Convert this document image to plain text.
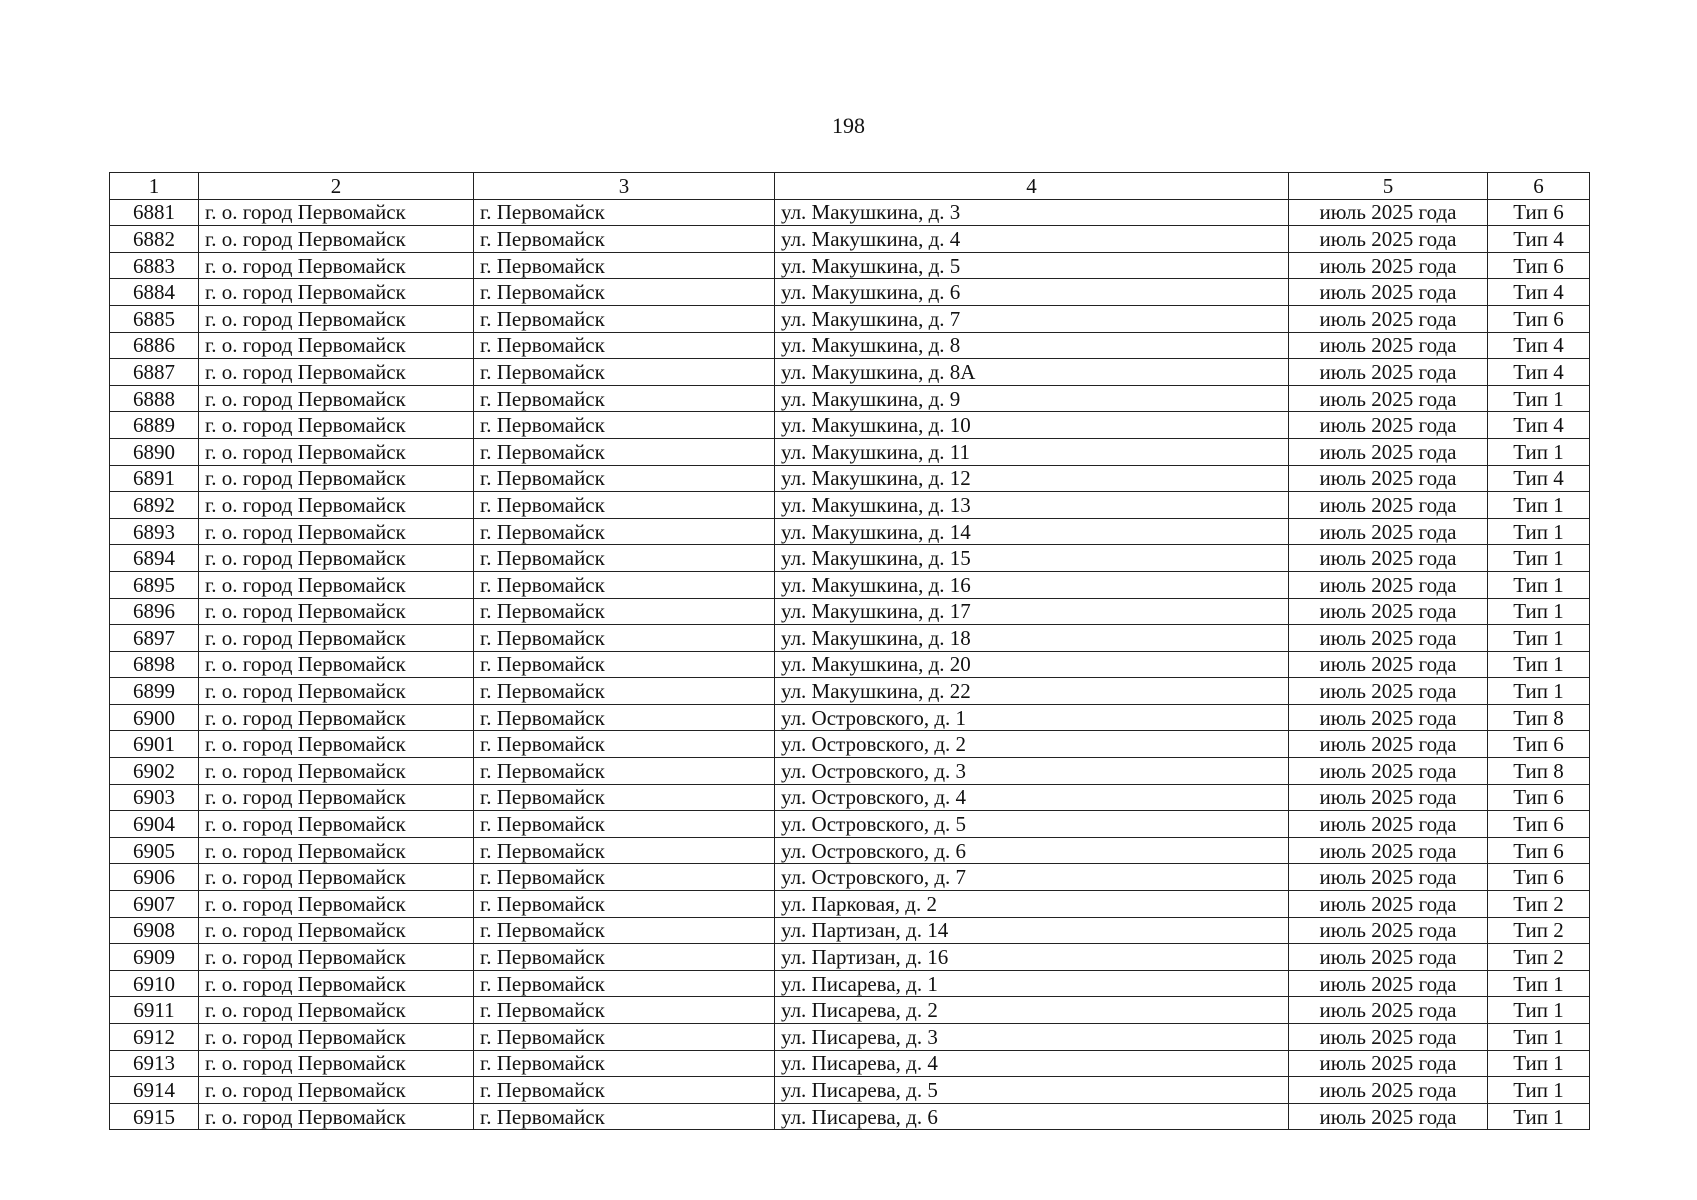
198
1	2	3	4	5	6
6881	г. о. город Первомайск	г. Первомайск	ул. Макушкина, д. 3	июль 2025 года	Тип 6
6882	г. о. город Первомайск	г. Первомайск	ул. Макушкина, д. 4	июль 2025 года	Тип 4
6883	г. о. город Первомайск	г. Первомайск	ул. Макушкина, д. 5	июль 2025 года	Тип 6
6884	г. о. город Первомайск	г. Первомайск	ул. Макушкина, д. 6	июль 2025 года	Тип 4
6885	г. о. город Первомайск	г. Первомайск	ул. Макушкина, д. 7	июль 2025 года	Тип 6
6886	г. о. город Первомайск	г. Первомайск	ул. Макушкина, д. 8	июль 2025 года	Тип 4
6887	г. о. город Первомайск	г. Первомайск	ул. Макушкина, д. 8А	июль 2025 года	Тип 4
6888	г. о. город Первомайск	г. Первомайск	ул. Макушкина, д. 9	июль 2025 года	Тип 1
6889	г. о. город Первомайск	г. Первомайск	ул. Макушкина, д. 10	июль 2025 года	Тип 4
6890	г. о. город Первомайск	г. Первомайск	ул. Макушкина, д. 11	июль 2025 года	Тип 1
6891	г. о. город Первомайск	г. Первомайск	ул. Макушкина, д. 12	июль 2025 года	Тип 4
6892	г. о. город Первомайск	г. Первомайск	ул. Макушкина, д. 13	июль 2025 года	Тип 1
6893	г. о. город Первомайск	г. Первомайск	ул. Макушкина, д. 14	июль 2025 года	Тип 1
6894	г. о. город Первомайск	г. Первомайск	ул. Макушкина, д. 15	июль 2025 года	Тип 1
6895	г. о. город Первомайск	г. Первомайск	ул. Макушкина, д. 16	июль 2025 года	Тип 1
6896	г. о. город Первомайск	г. Первомайск	ул. Макушкина, д. 17	июль 2025 года	Тип 1
6897	г. о. город Первомайск	г. Первомайск	ул. Макушкина, д. 18	июль 2025 года	Тип 1
6898	г. о. город Первомайск	г. Первомайск	ул. Макушкина, д. 20	июль 2025 года	Тип 1
6899	г. о. город Первомайск	г. Первомайск	ул. Макушкина, д. 22	июль 2025 года	Тип 1
6900	г. о. город Первомайск	г. Первомайск	ул. Островского, д. 1	июль 2025 года	Тип 8
6901	г. о. город Первомайск	г. Первомайск	ул. Островского, д. 2	июль 2025 года	Тип 6
6902	г. о. город Первомайск	г. Первомайск	ул. Островского, д. 3	июль 2025 года	Тип 8
6903	г. о. город Первомайск	г. Первомайск	ул. Островского, д. 4	июль 2025 года	Тип 6
6904	г. о. город Первомайск	г. Первомайск	ул. Островского, д. 5	июль 2025 года	Тип 6
6905	г. о. город Первомайск	г. Первомайск	ул. Островского, д. 6	июль 2025 года	Тип 6
6906	г. о. город Первомайск	г. Первомайск	ул. Островского, д. 7	июль 2025 года	Тип 6
6907	г. о. город Первомайск	г. Первомайск	ул. Парковая, д. 2	июль 2025 года	Тип 2
6908	г. о. город Первомайск	г. Первомайск	ул. Партизан, д. 14	июль 2025 года	Тип 2
6909	г. о. город Первомайск	г. Первомайск	ул. Партизан, д. 16	июль 2025 года	Тип 2
6910	г. о. город Первомайск	г. Первомайск	ул. Писарева, д. 1	июль 2025 года	Тип 1
6911	г. о. город Первомайск	г. Первомайск	ул. Писарева, д. 2	июль 2025 года	Тип 1
6912	г. о. город Первомайск	г. Первомайск	ул. Писарева, д. 3	июль 2025 года	Тип 1
6913	г. о. город Первомайск	г. Первомайск	ул. Писарева, д. 4	июль 2025 года	Тип 1
6914	г. о. город Первомайск	г. Первомайск	ул. Писарева, д. 5	июль 2025 года	Тип 1
6915	г. о. город Первомайск	г. Первомайск	ул. Писарева, д. 6	июль 2025 года	Тип 1
